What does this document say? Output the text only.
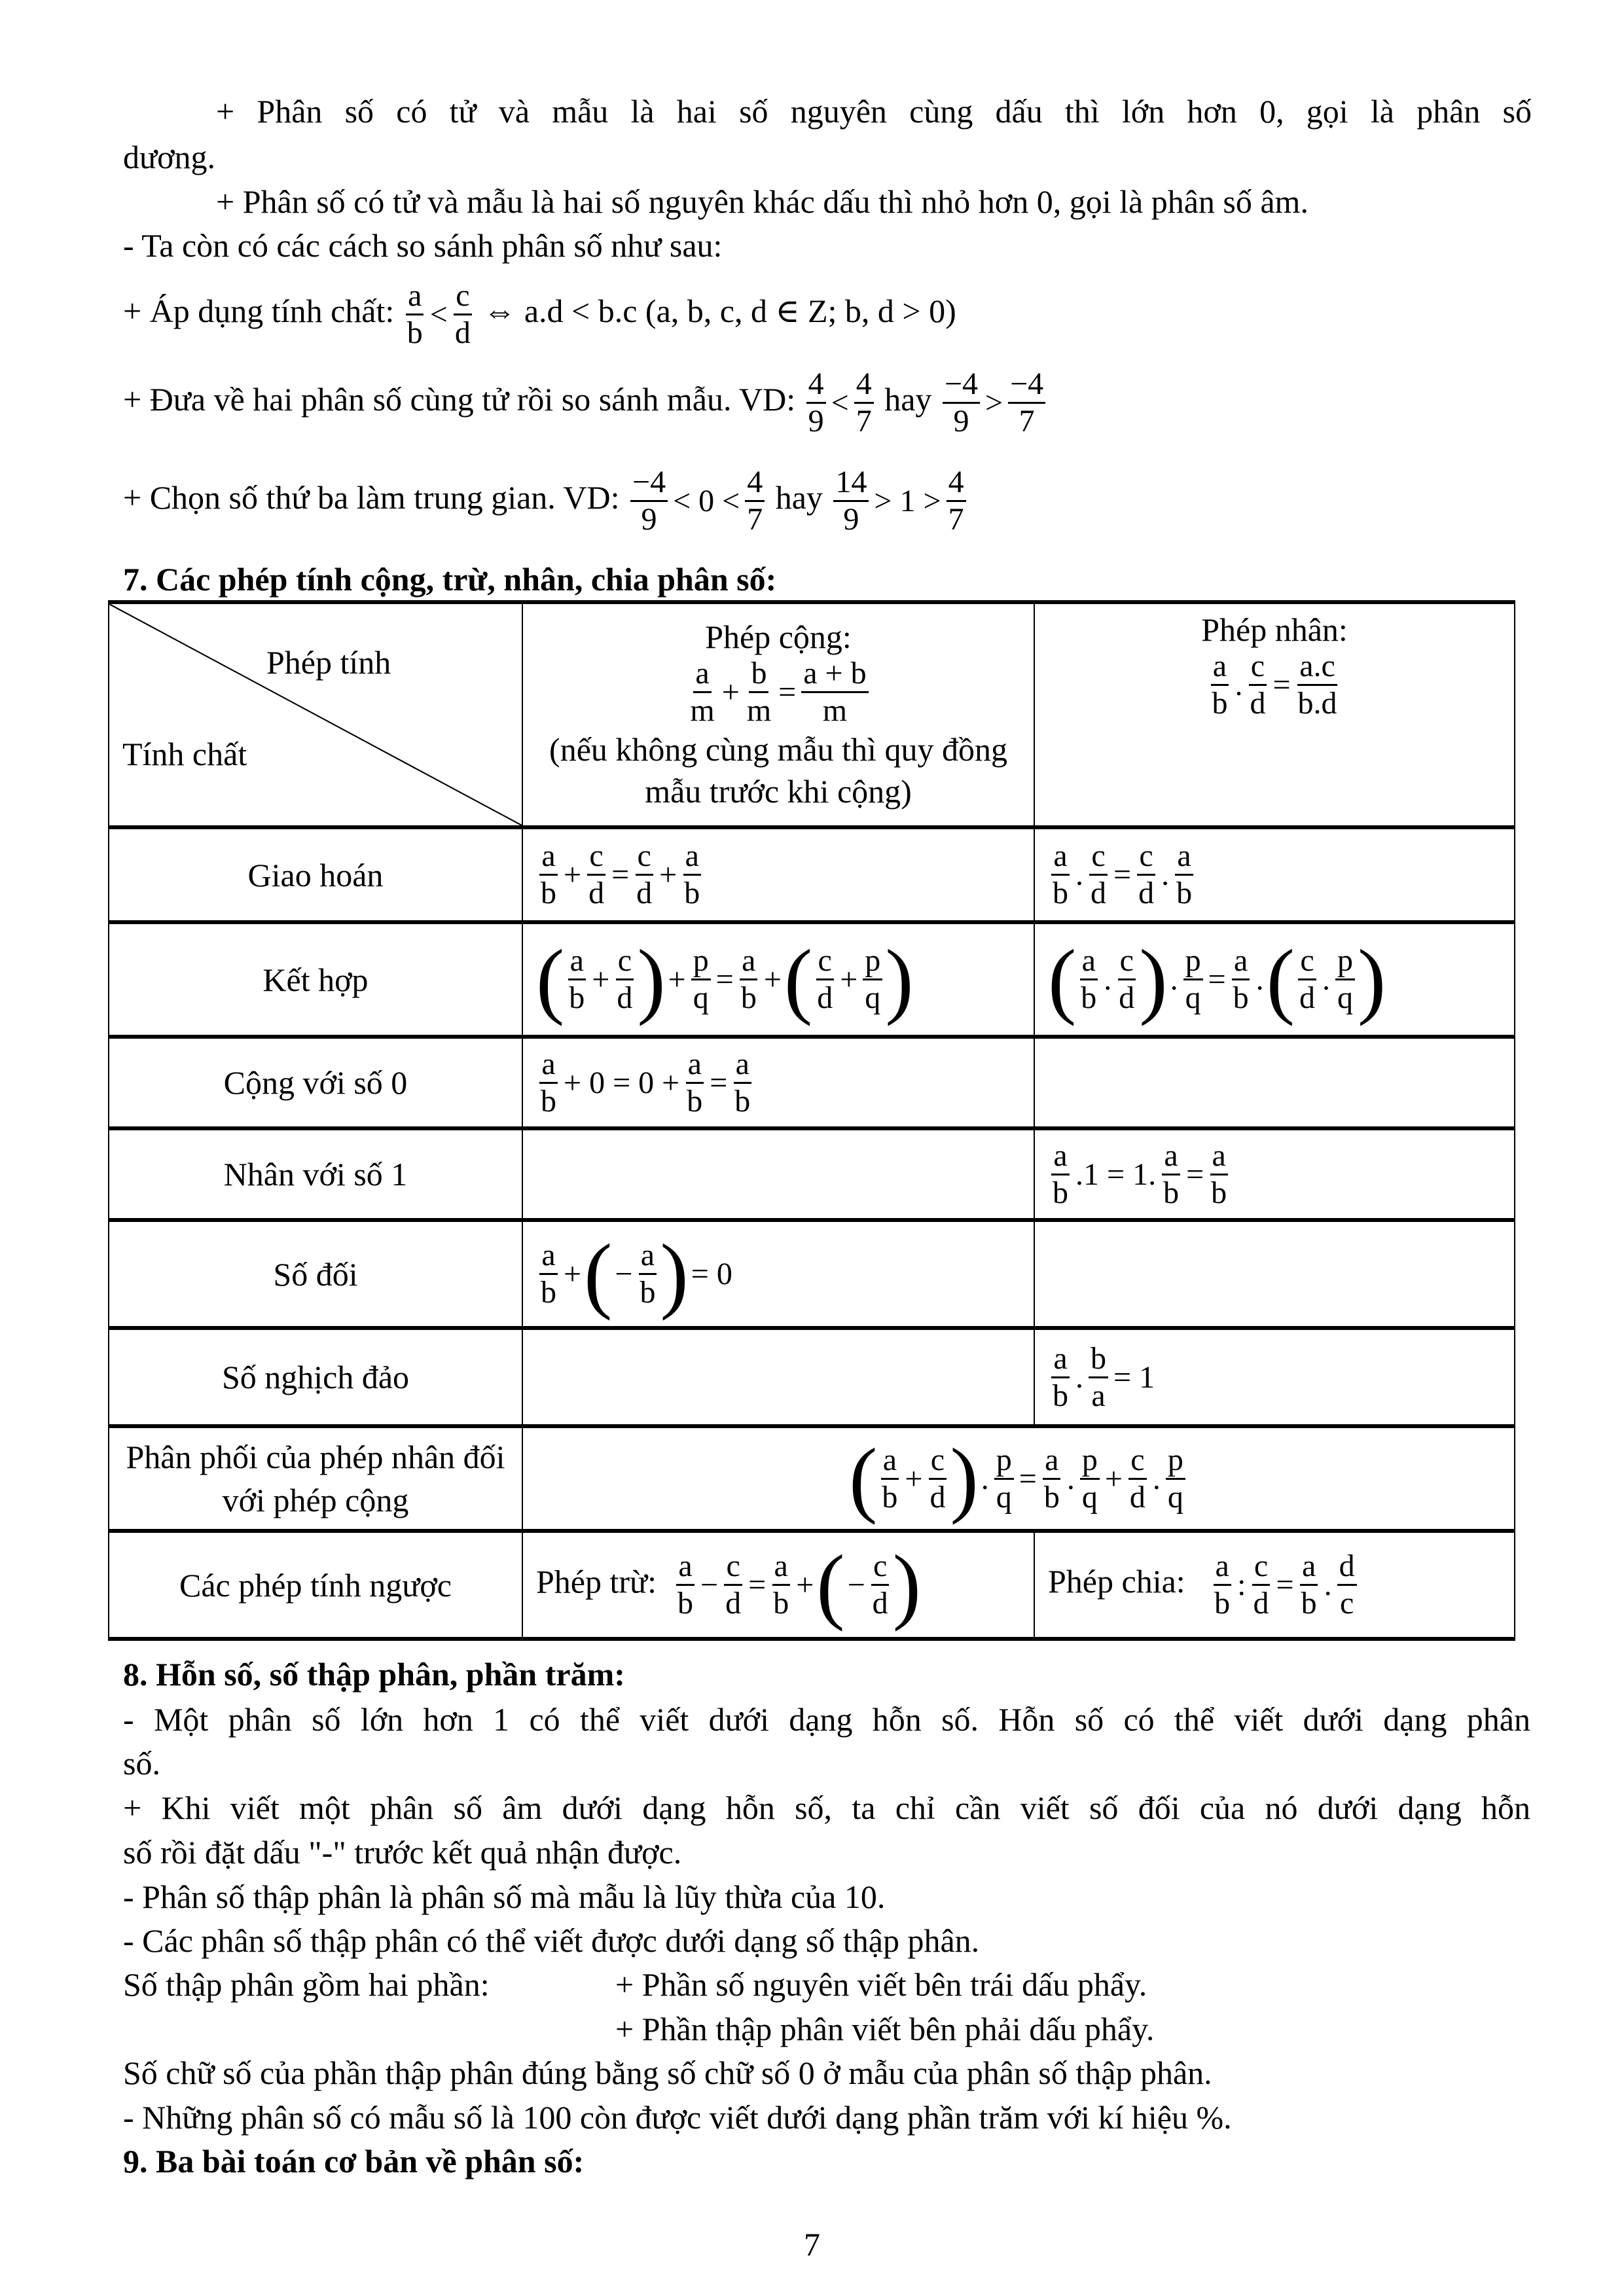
+ Phân số có tử và mẫu là hai số nguyên cùng dấu thì lớn hơn 0, gọi là phân số
dương.
+ Phân số có tử và mẫu là hai số nguyên khác dấu thì nhỏ hơn 0, gọi là phân số âm.
- Ta còn có các cách so sánh phân số như sau:
+ Áp dụng tính chất: $\frac{a}{b} < \frac{c}{d}$ ⇔ a.d < b.c (a, b, c, d ∈ Z; b, d > 0)
+ Đưa về hai phân số cùng tử rồi so sánh mẫu. VD: $\frac{4}{9} < \frac{4}{7}$ hay $\frac{-4}{9} > \frac{-4}{7}$
+ Chọn số thứ ba làm trung gian. VD: $\frac{-4}{9} < 0 < \frac{4}{7}$ hay $\frac{14}{9} > 1 > \frac{4}{7}$
7. Các phép tính cộng, trừ, nhân, chia phân số:
Phép tính
Tính chất

Phép cộng:
$\frac{a}{m} + \frac{b}{m} = \frac{a + b}{m}$
(nếu không cùng mẫu thì quy đồng mẫu trước khi cộng)

Phép nhân:
$\frac{a}{b}$ . $\frac{c}{d} = \frac{a.c}{b.d}$

Giao hoán	$\frac{a}{b} + \frac{c}{d} = \frac{c}{d} + \frac{a}{b}$	$\frac{a}{b}$ . $\frac{c}{d} = \frac{c}{d}$ . $\frac{a}{b}$

Kết hợp	( $\frac{a}{b} + \frac{c}{d}$ ) + $\frac{p}{q} = \frac{a}{b}$ + ( $\frac{c}{d} + \frac{p}{q}$ )	( $\frac{a}{b}$ . $\frac{c}{d}$ ) . $\frac{p}{q} = \frac{a}{b}$ . ( $\frac{c}{d}$ . $\frac{p}{q}$ )

Cộng với số 0	$\frac{a}{b} + 0 = 0 + \frac{a}{b} = \frac{a}{b}$

Nhân với số 1		$\frac{a}{b} .1 = 1$. $\frac{a}{b} = \frac{a}{b}$

Số đối	$\frac{a}{b}$ + ( − $\frac{a}{b}$ ) = 0

Số nghịch đảo		$\frac{a}{b}$ . $\frac{b}{a} = 1$

Phân phối của phép nhân đối với phép cộng	( $\frac{a}{b} + \frac{c}{d}$ ) . $\frac{p}{q} = \frac{a}{b}$ . $\frac{p}{q} + \frac{c}{d}$ . $\frac{p}{q}$

Các phép tính ngược	Phép trừ: $\frac{a}{b} - \frac{c}{d} = \frac{a}{b}$ + ( − $\frac{c}{d}$ )	Phép chia: $\frac{a}{b}$ : $\frac{c}{d} = \frac{a}{b}$ . $\frac{d}{c}$
8. Hỗn số, số thập phân, phần trăm:
- Một phân số lớn hơn 1 có thể viết dưới dạng hỗn số. Hỗn số có thể viết dưới dạng phân
số.
+ Khi viết một phân số âm dưới dạng hỗn số, ta chỉ cần viết số đối của nó dưới dạng hỗn
số rồi đặt dấu "-" trước kết quả nhận được.
- Phân số thập phân là phân số mà mẫu là lũy thừa của 10.
- Các phân số thập phân có thể viết được dưới dạng số thập phân.
Số thập phân gồm hai phần:	+ Phần số nguyên viết bên trái dấu phẩy.
+ Phần thập phân viết bên phải dấu phẩy.
Số chữ số của phần thập phân đúng bằng số chữ số 0 ở mẫu của phân số thập phân.
- Những phân số có mẫu số là 100 còn được viết dưới dạng phần trăm với kí hiệu %.
9. Ba bài toán cơ bản về phân số:
7
